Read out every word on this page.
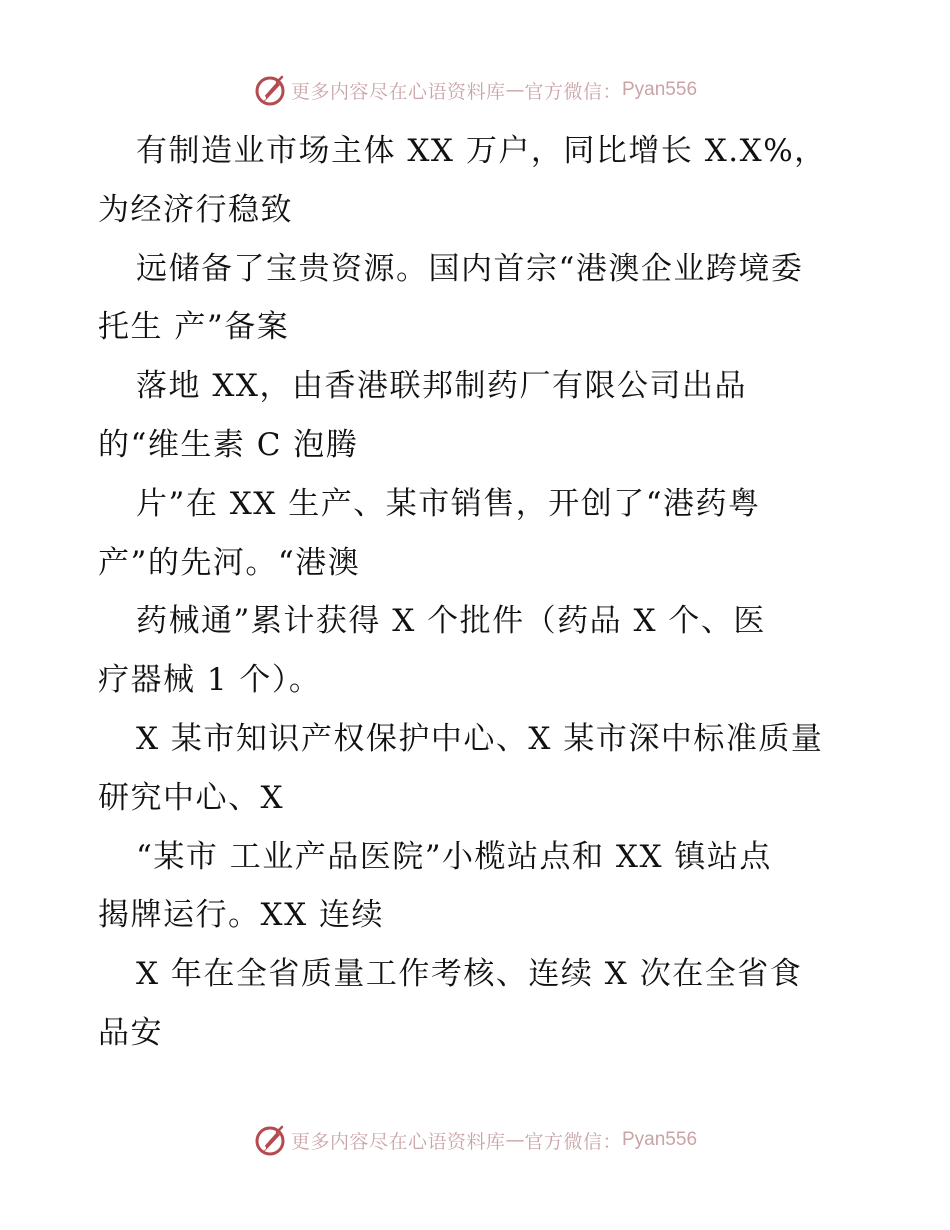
更多内容尽在心语资料库 — 官方微信： Pyan556
有制造业市场主体 XX 万户，同比增长 X.X%，
为经济行稳致
远储备了宝贵资源。国内首宗“港澳企业跨境委
托生 产”备案
落地 XX，由香港联邦制药厂有限公司出品
的“维生素 C 泡腾
片”在 XX 生产、某市销售，开创了“港药粤
产”的先河。“港澳
药械通”累计获得 X 个批件（药品 X 个、医
疗器械 1 个）。
X 某市知识产权保护中心、X 某市深中标准质量
研究中心、X
“某市 工业产品医院”小榄站点和 XX 镇站点
揭牌运行。XX 连续
X 年在全省质量工作考核、连续 X 次在全省食
品安
更多内容尽在心语资料库 — 官方微信： Pyan556
